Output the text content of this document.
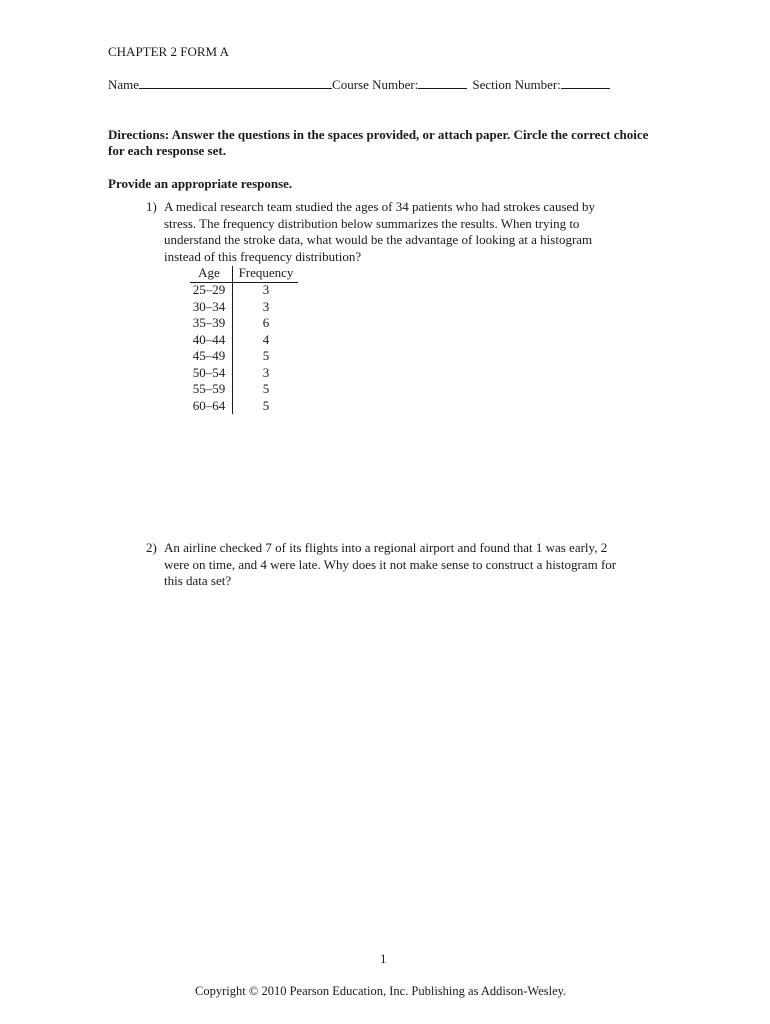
CHAPTER 2 FORM A
Name	Course Number:	Section Number:
Directions: Answer the questions in the spaces provided, or attach paper. Circle the correct choice
for each response set.
Provide an appropriate response.
1) A medical research team studied the ages of 34 patients who had strokes caused by
stress. The frequency distribution below summarizes the results. When trying to
understand the stroke data, what would be the advantage of looking at a histogram
instead of this frequency distribution?
Age	Frequency
25–29	3
30–34	3
35–39	6
40–44	4
45–49	5
50–54	3
55–59	5
60–64	5
2) An airline checked 7 of its flights into a regional airport and found that 1 was early, 2
were on time, and 4 were late. Why does it not make sense to construct a histogram for
this data set?
1
Copyright © 2010 Pearson Education, Inc. Publishing as Addison-Wesley.
